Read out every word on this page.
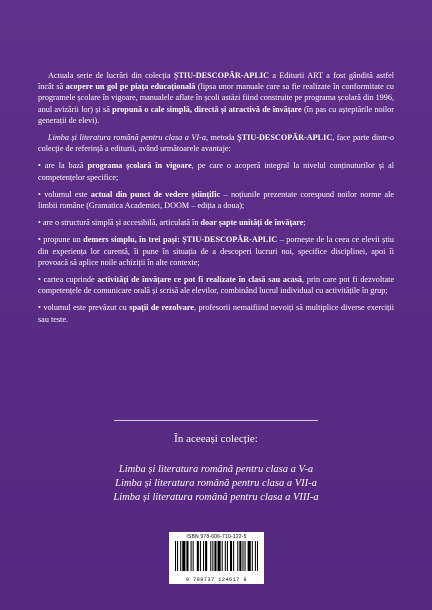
Actuala serie de lucrări din colecția ȘTIU-DESCOPĂR-APLIC a Editurii ART a fost gândită astfel încât să acopere un gol pe piața educațională (lipsa unor manuale care sa fie realizate în conformitate cu programele școlare în vigoare, manualele aflate în școli astăzi fiind construite pe programa școlară din 1996, anul avizării lor) și să propună o cale simplă, directă și atractivă de învățare (în pas cu așteptările noilor generații de elevi).

Limba și literatura română pentru clasa a VI-a, metoda ȘTIU-DESCOPĂR-APLIC, face parte dintr-o colecție de referință a editurii, având următoarele avantaje:

• are la bază programa școlară în vigoare, pe care o acoperă integral la nivelul conținuturilor și al competențelor specifice;

• volumul este actual din punct de vedere științific – noțiunile prezentate corespund noilor norme ale limbii române (Gramatica Academiei, DOOM – ediția a doua);

• are o structură simplă și accesibilă, articulată în doar șapte unități de învățare;

• propune un demers simplu, în trei pași: ȘTIU-DESCOPĂR-APLIC – pornește de la ceea ce elevii știu din experiența lor curentă, îi pune în situația de a descoperi lucruri noi, specifice disciplinei, apoi îi provoacă să aplice noile achiziții în alte contexte;

• cartea cuprinde activități de învățare ce pot fi realizate în clasă sau acasă, prin care pot fi dezvoltate competențele de comunicare orală și scrisă ale elevilor, combinând lucrul individual cu activitățile în grup;

• volumul este prevăzut cu spații de rezolvare, profesorii nemaifiind nevoiți să multiplice diverse exerciții sau teste.

În aceeași colecție:
Limba și literatura română pentru clasa a V-a
Limba și literatura română pentru clasa a VII-a
Limba și literatura română pentru clasa a VIII-a
ISBN 978-606-710-122-5
9 789737 124617 8
